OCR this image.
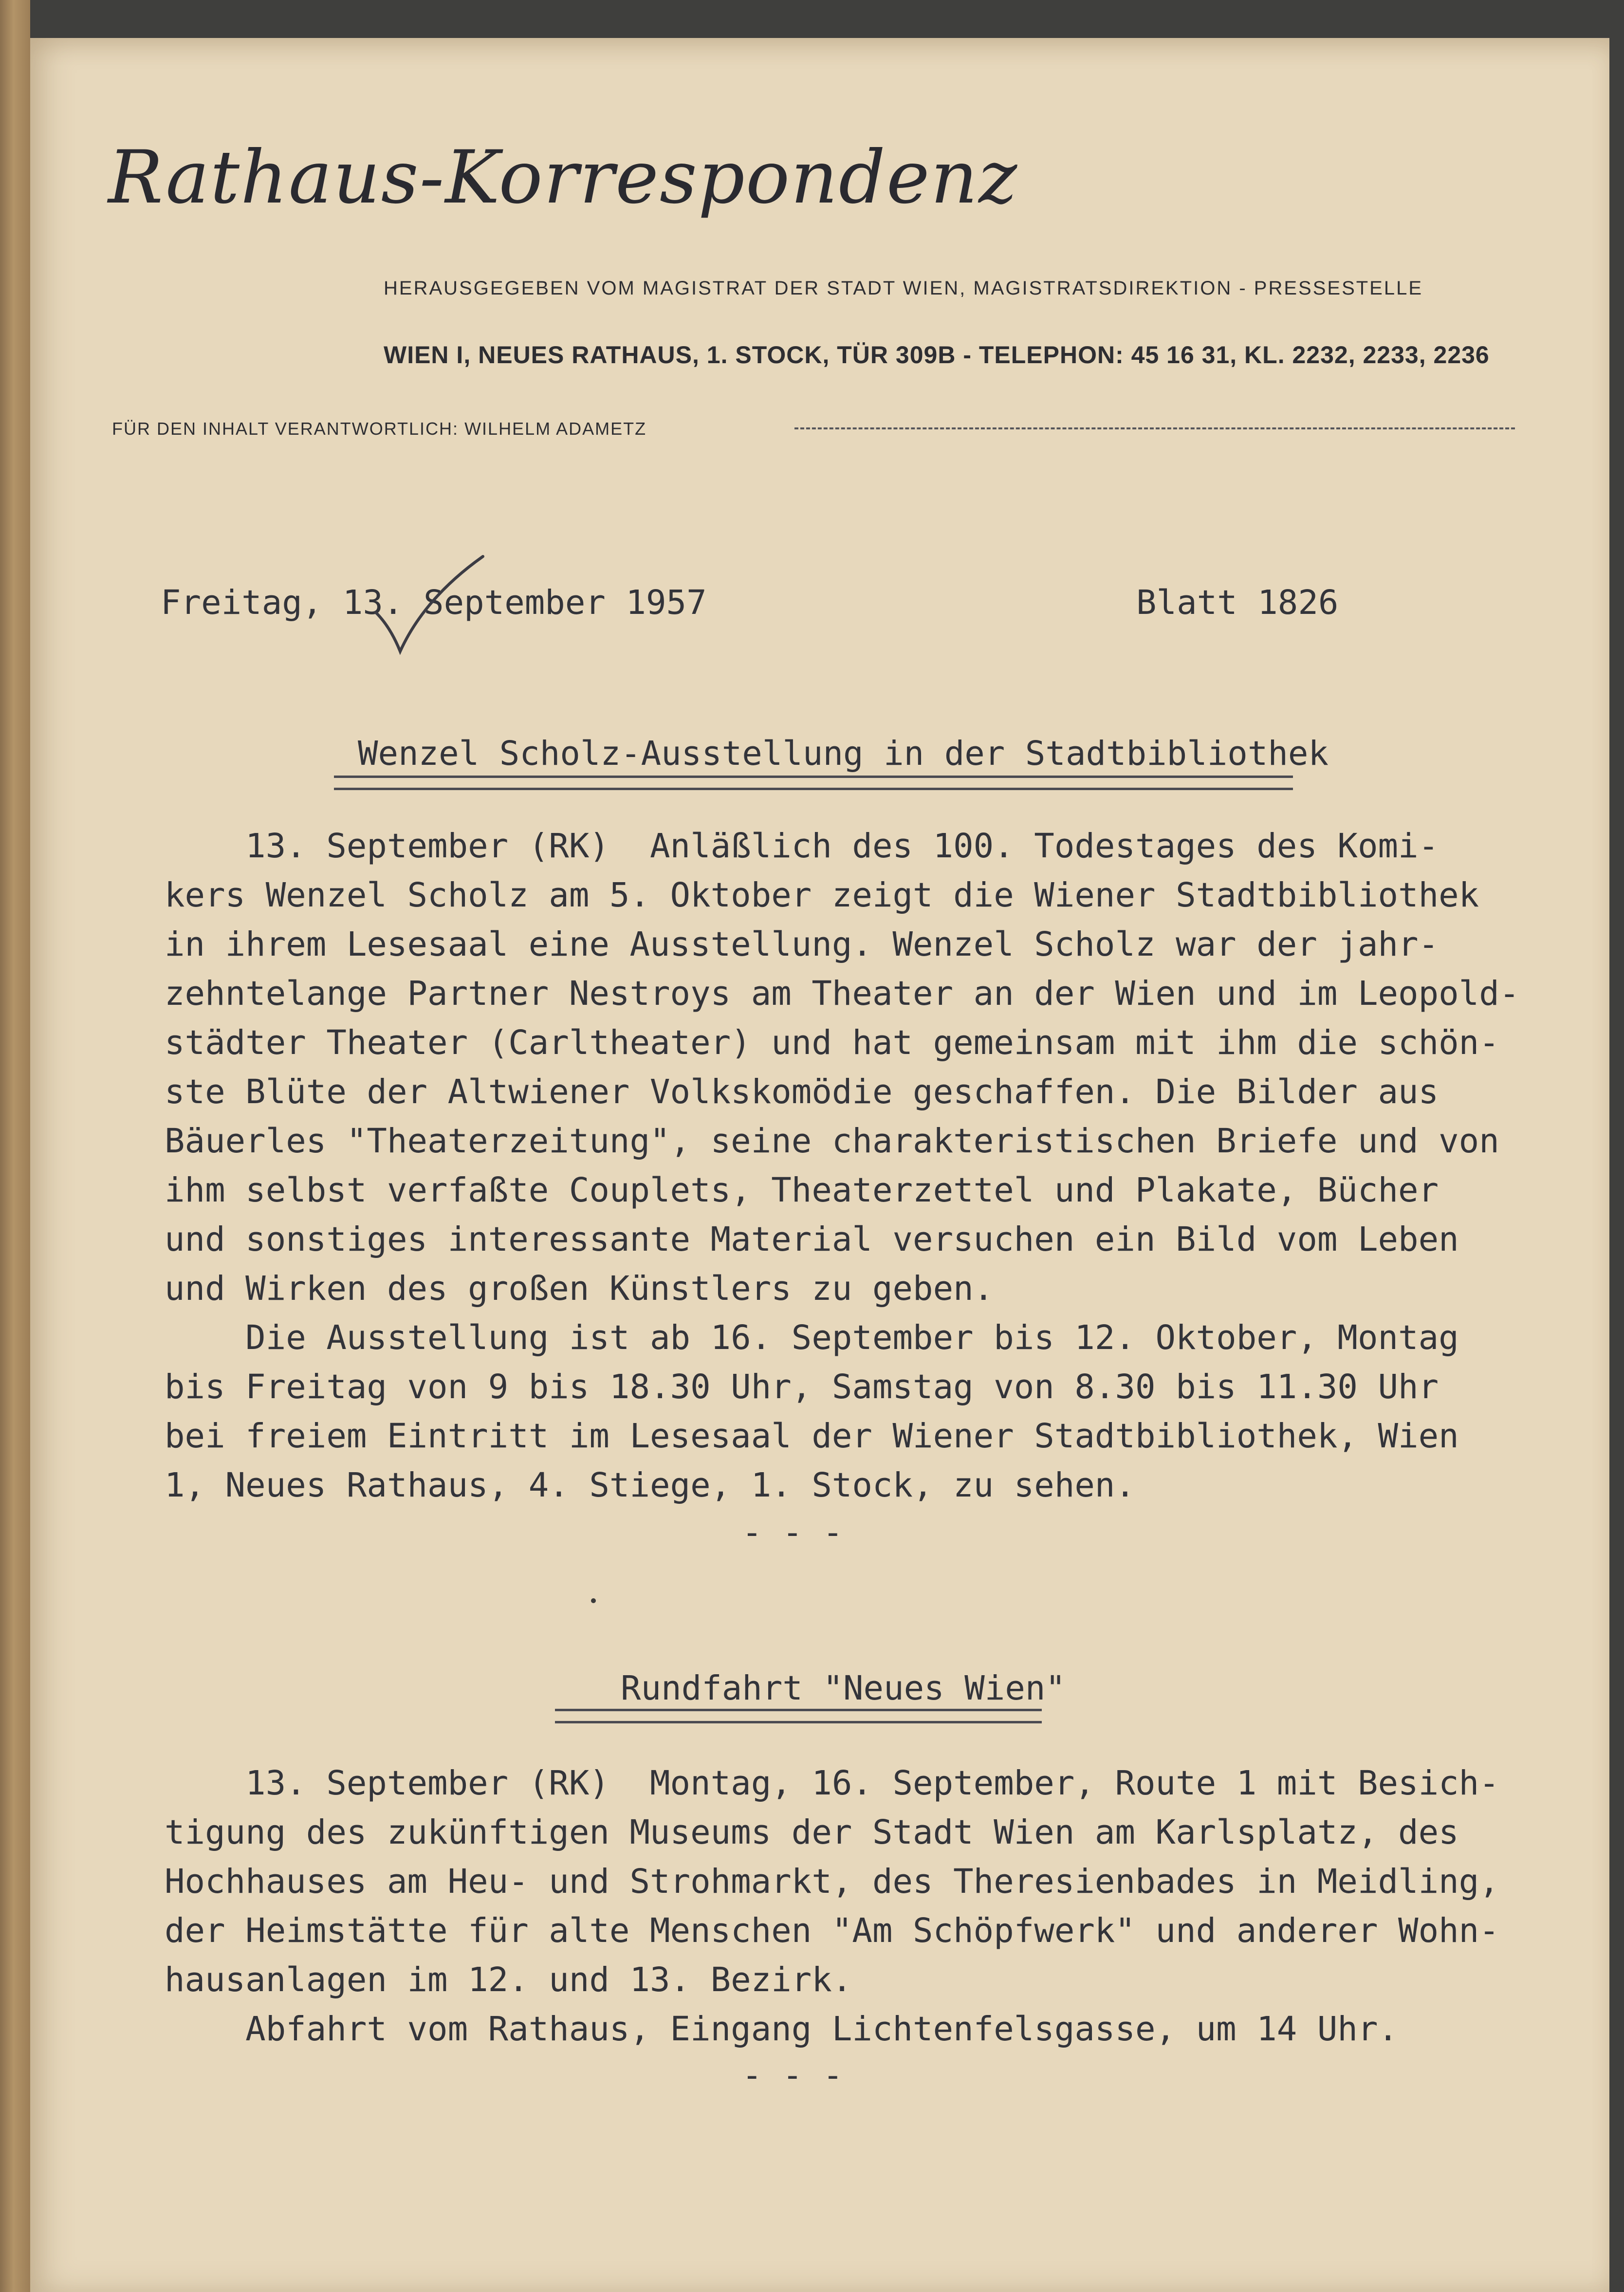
Rathaus-Korrespondenz
HERAUSGEGEBEN VOM MAGISTRAT DER STADT WIEN, MAGISTRATSDIREKTION - PRESSESTELLE
WIEN I, NEUES RATHAUS, 1. STOCK, TÜR 309B - TELEPHON: 45 16 31, KL. 2232, 2233, 2236
FÜR DEN INHALT VERANTWORTLICH: WILHELM ADAMETZ
Freitag, 13. September 1957	Blatt 1826
Wenzel Scholz-Ausstellung in der Stadtbibliothek
13. September (RK)  Anläßlich des 100. Todestages des Komi-
kers Wenzel Scholz am 5. Oktober zeigt die Wiener Stadtbibliothek
in ihrem Lesesaal eine Ausstellung. Wenzel Scholz war der jahr-
zehntelange Partner Nestroys am Theater an der Wien und im Leopold-
städter Theater (Carltheater) und hat gemeinsam mit ihm die schön-
ste Blüte der Altwiener Volkskomödie geschaffen. Die Bilder aus
Bäuerles "Theaterzeitung", seine charakteristischen Briefe und von
ihm selbst verfaßte Couplets, Theaterzettel und Plakate, Bücher
und sonstiges interessante Material versuchen ein Bild vom Leben
und Wirken des großen Künstlers zu geben.
Die Ausstellung ist ab 16. September bis 12. Oktober, Montag
bis Freitag von 9 bis 18.30 Uhr, Samstag von 8.30 bis 11.30 Uhr
bei freiem Eintritt im Lesesaal der Wiener Stadtbibliothek, Wien
1, Neues Rathaus, 4. Stiege, 1. Stock, zu sehen.
- - -
Rundfahrt "Neues Wien"
13. September (RK)  Montag, 16. September, Route 1 mit Besich-
tigung des zukünftigen Museums der Stadt Wien am Karlsplatz, des
Hochhauses am Heu- und Strohmarkt, des Theresienbades in Meidling,
der Heimstätte für alte Menschen "Am Schöpfwerk" und anderer Wohn-
hausanlagen im 12. und 13. Bezirk.
Abfahrt vom Rathaus, Eingang Lichtenfelsgasse, um 14 Uhr.
- - -
